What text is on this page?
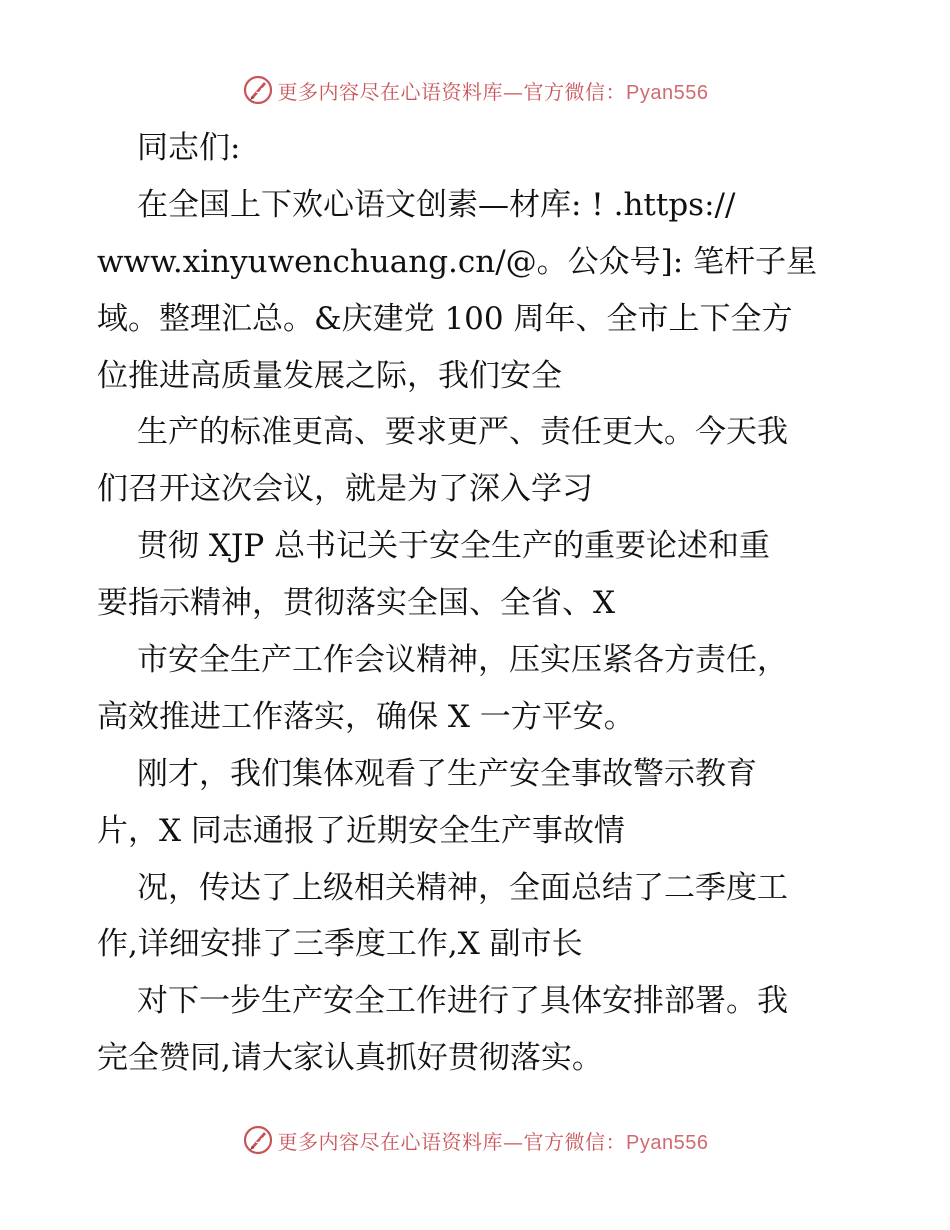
更多内容尽在心语资料库—官方微信：Pyan556
同志们:
在全国上下欢心语文创素—材库: ! .https://
www.xinyuwenchuang.cn/@。公众号]: 笔杆子星
域。整理汇总。&庆建党 100 周年、全市上下全方
位推进高质量发展之际，我们安全
生产的标准更高、要求更严、责任更大。今天我
们召开这次会议，就是为了深入学习
贯彻 XJP 总书记关于安全生产的重要论述和重
要指示精神，贯彻落实全国、全省、X
市安全生产工作会议精神，压实压紧各方责任，
高效推进工作落实，确保 X 一方平安。
刚才，我们集体观看了生产安全事故警示教育
片，X 同志通报了近期安全生产事故情
况，传达了上级相关精神，全面总结了二季度工
作,详细安排了三季度工作,X 副市长
对下一步生产安全工作进行了具体安排部署。我
完全赞同,请大家认真抓好贯彻落实。
更多内容尽在心语资料库—官方微信：Pyan556
